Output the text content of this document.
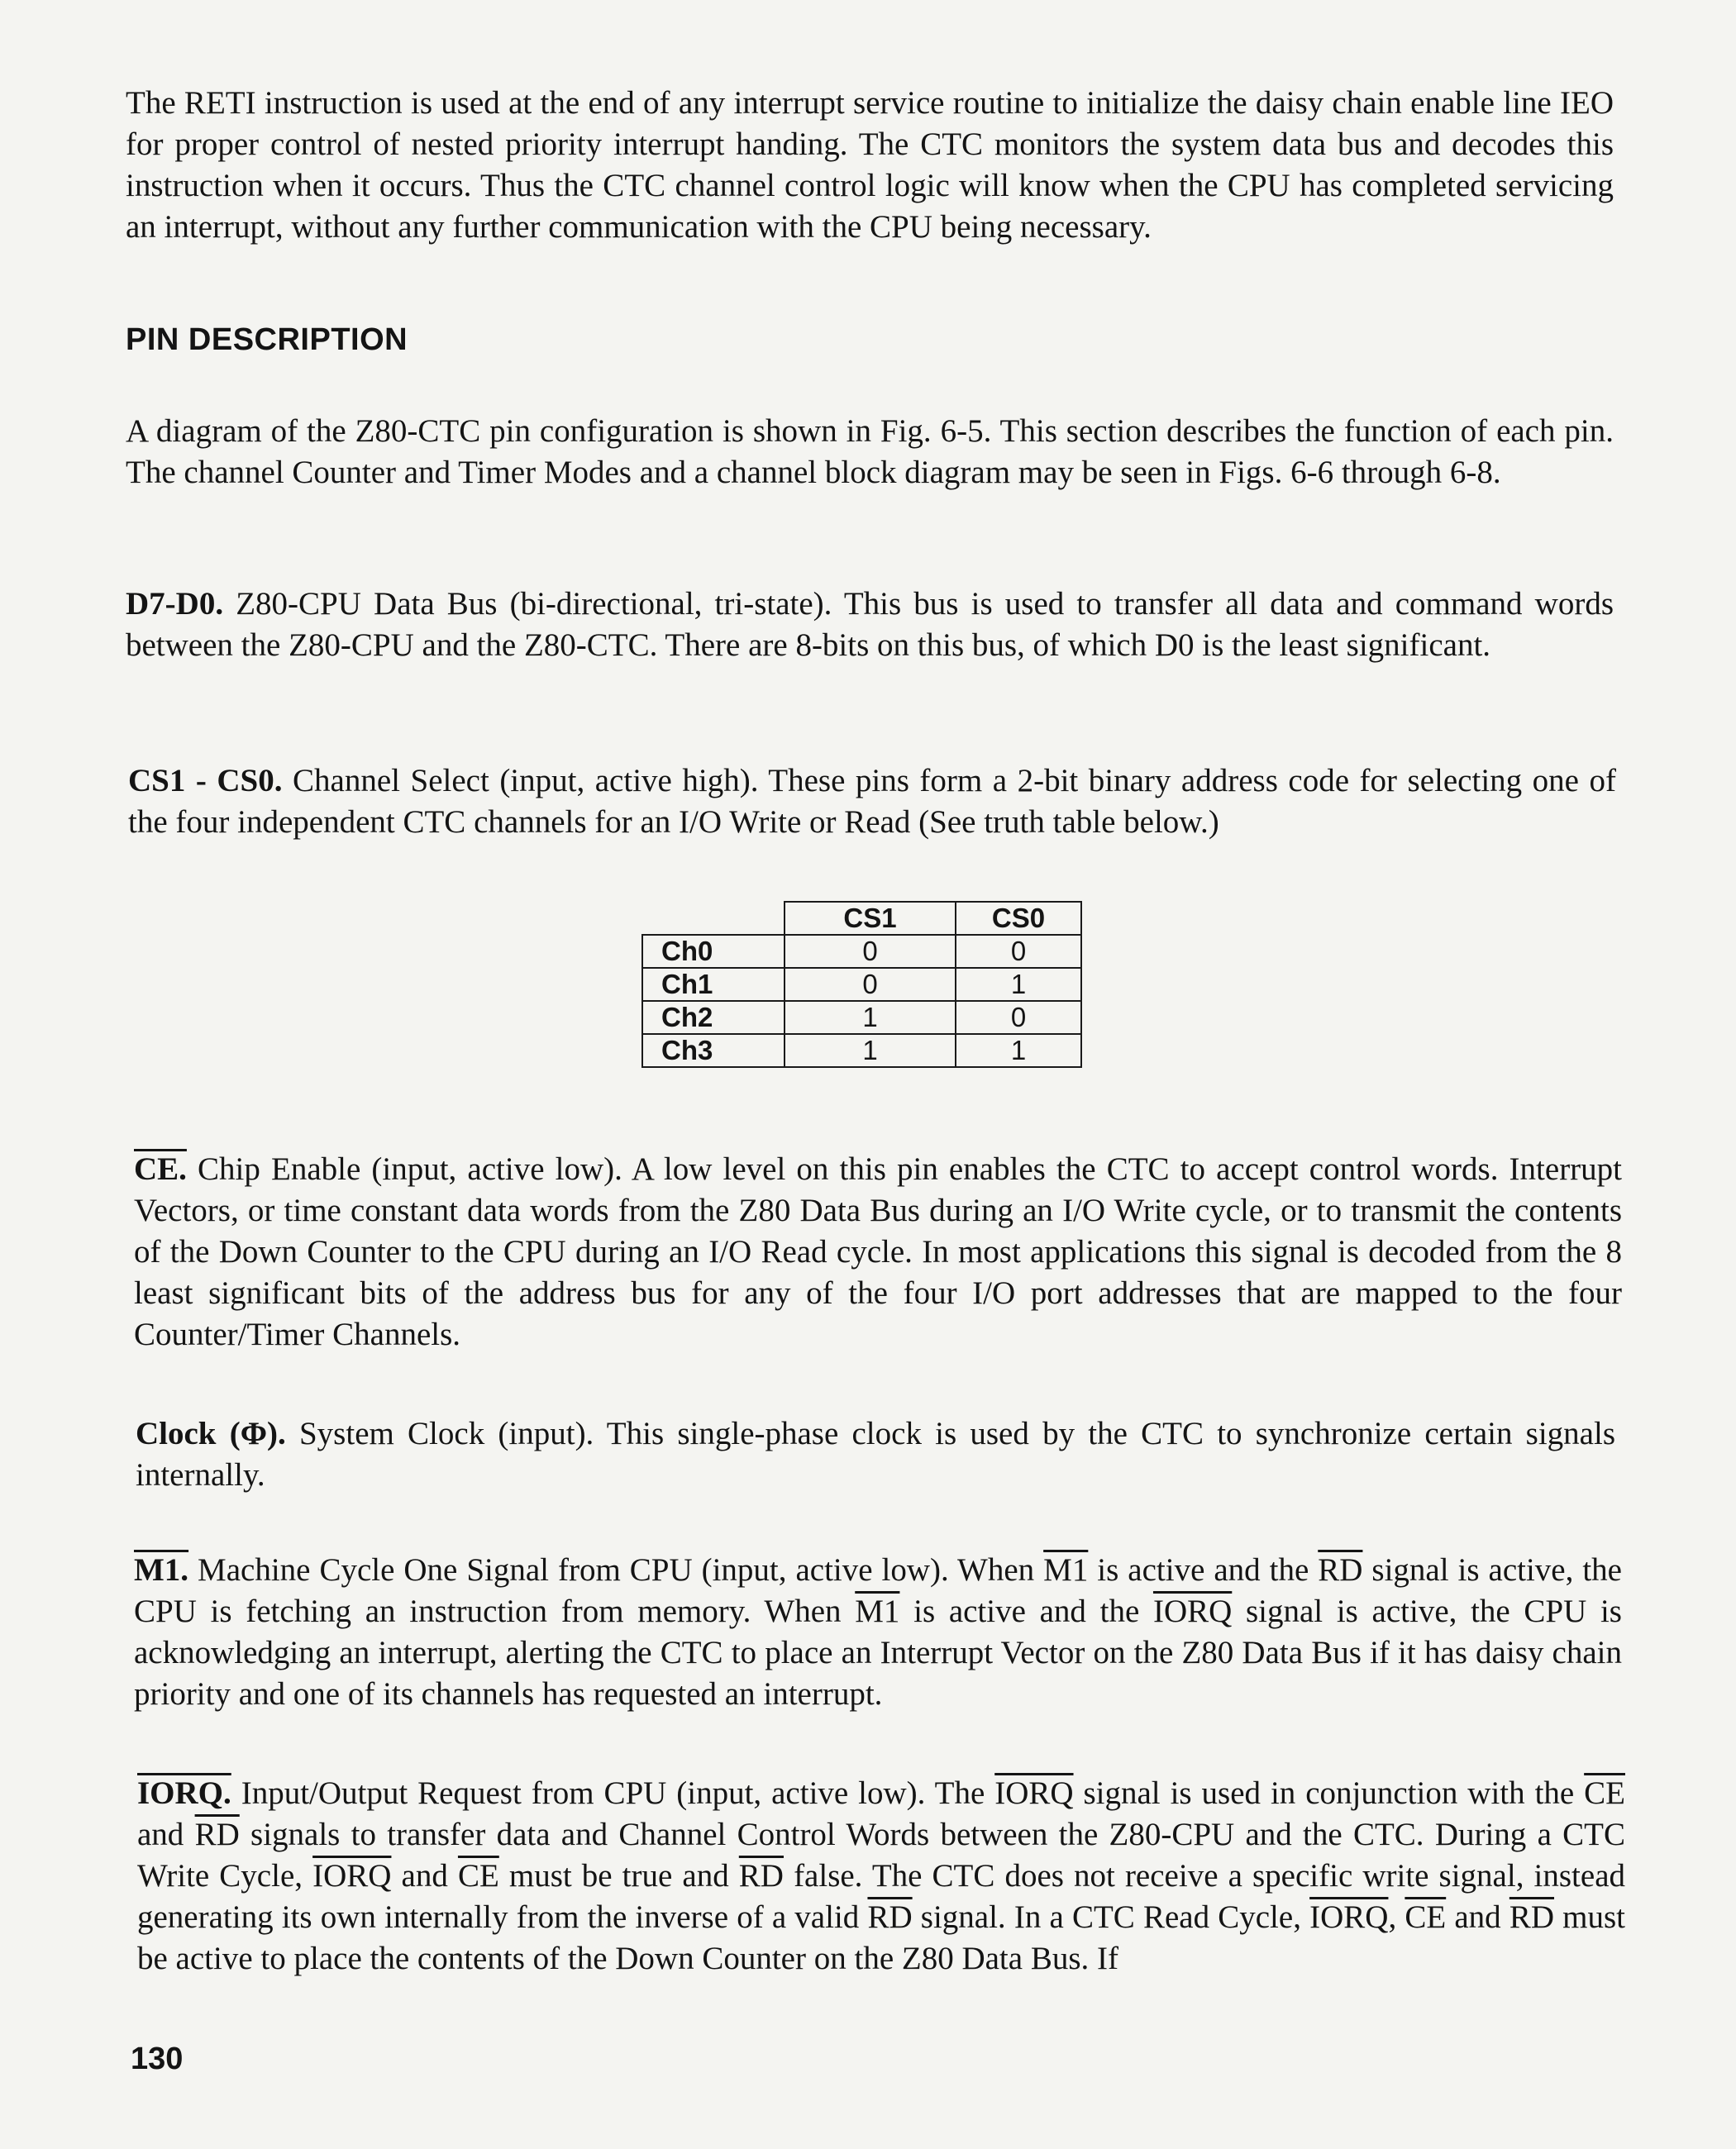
The RETI instruction is used at the end of any interrupt service routine to initialize the daisy chain enable line IEO for proper control of nested priority interrupt handing. The CTC monitors the system data bus and decodes this instruction when it occurs. Thus the CTC channel control logic will know when the CPU has completed servicing an interrupt, without any further communication with the CPU being necessary.

PIN DESCRIPTION

A diagram of the Z80-CTC pin configuration is shown in Fig. 6-5. This section describes the function of each pin. The channel Counter and Timer Modes and a channel block diagram may be seen in Figs. 6-6 through 6-8.

D7-D0. Z80-CPU Data Bus (bi-directional, tri-state). This bus is used to transfer all data and command words between the Z80-CPU and the Z80-CTC. There are 8-bits on this bus, of which D0 is the least significant.

CS1 - CS0. Channel Select (input, active high). These pins form a 2-bit binary address code for selecting one of the four independent CTC channels for an I/O Write or Read (See truth table below.)

	CS1	CS0
Ch0	0	0
Ch1	0	1
Ch2	1	0
Ch3	1	1

CE. Chip Enable (input, active low). A low level on this pin enables the CTC to accept control words. Interrupt Vectors, or time constant data words from the Z80 Data Bus during an I/O Write cycle, or to transmit the contents of the Down Counter to the CPU during an I/O Read cycle. In most applications this signal is decoded from the 8 least significant bits of the address bus for any of the four I/O port addresses that are mapped to the four Counter/Timer Channels.

Clock (Φ). System Clock (input). This single-phase clock is used by the CTC to synchronize certain signals internally.

M1. Machine Cycle One Signal from CPU (input, active low). When M1 is active and the $\overline{RD}$ signal is active, the CPU is fetching an instruction from memory. When M1 is active and the IORQ signal is active, the CPU is acknowledging an interrupt, alerting the CTC to place an Interrupt Vector on the Z80 Data Bus if it has daisy chain priority and one of its channels has requested an interrupt.

IORQ. Input/Output Request from CPU (input, active low). The IORQ signal is used in conjunction with the $\overline{CE}$ and $\overline{RD}$ signals to transfer data and Channel Control Words between the Z80-CPU and the CTC. During a CTC Write Cycle, IORQ and $\overline{CE}$ must be true and $\overline{RD}$ false. The CTC does not receive a specific write signal, instead generating its own internally from the inverse of a valid $\overline{RD}$ signal. In a CTC Read Cycle, IORQ, $\overline{CE}$ and $\overline{RD}$ must be active to place the contents of the Down Counter on the Z80 Data Bus. If

130
